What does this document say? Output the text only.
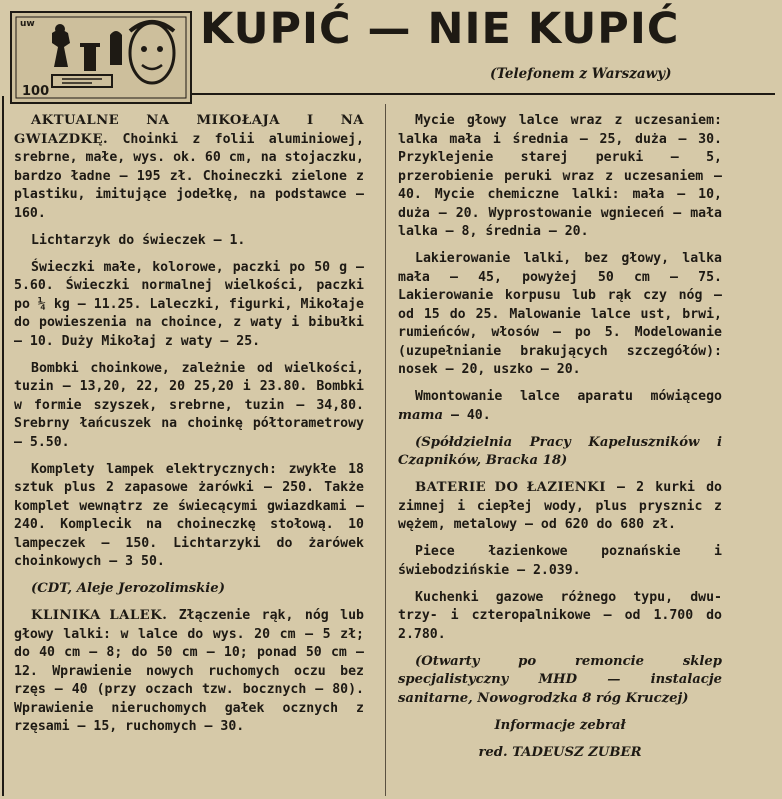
uw
100
KUPIĆ — NIE KUPIĆ
(Telefonem z Warszawy)

AKTUALNE NA MIKOŁAJA I NA GWIAZDKĘ. Choinki z folii aluminiowej, srebrne, małe, wys. ok. 60 cm, na stojaczku, bardzo ładne — 195 zł. Choineczki zielone z plastiku, imitujące jodełkę, na podstawce — 160.

Lichtarzyk do świeczek — 1.

Świeczki małe, kolorowe, paczki po 50 g — 5.60. Świeczki normalnej wielkości, paczki po ¼ kg — 11.25. Laleczki, figurki, Mikołaje do powieszenia na choince, z waty i bibułki — 10. Duży Mikołaj z waty — 25.

Bombki choinkowe, zależnie od wielkości, tuzin — 13,20, 22, 20 25,20 i 23.80. Bombki w formie szyszek, srebrne, tuzin — 34,80. Srebrny łańcuszek na choinkę półtorametrowy — 5.50.

Komplety lampek elektrycznych: zwykłe 18 sztuk plus 2 zapasowe żarówki — 250. Także komplet wewnątrz ze świecącymi gwiazdkami — 240. Komplecik na choineczkę stołową. 10 lampeczek — 150. Lichtarzyki do żarówek choinkowych — 3 50.

(CDT, Aleje Jerozolimskie)

KLINIKA LALEK. Złączenie rąk, nóg lub głowy lalki: w lalce do wys. 20 cm — 5 zł; do 40 cm — 8; do 50 cm — 10; ponad 50 cm — 12. Wprawienie nowych ruchomych oczu bez rzęs — 40 (przy oczach tzw. bocznych — 80). Wprawienie nieruchomych gałek ocznych z rzęsami — 15, ruchomych — 30.

Mycie głowy lalce wraz z uczesaniem: lalka mała i średnia — 25, duża — 30. Przyklejenie starej peruki — 5, przerobienie peruki wraz z uczesaniem — 40. Mycie chemiczne lalki: mała — 10, duża — 20. Wyprostowanie wgnieceń — mała lalka — 8, średnia — 20.

Lakierowanie lalki, bez głowy, lalka mała — 45, powyżej 50 cm — 75. Lakierowanie korpusu lub rąk czy nóg — od 15 do 25. Malowanie lalce ust, brwi, rumieńców, włosów — po 5. Modelowanie (uzupełnianie brakujących szczegółów): nosek — 20, uszko — 20.

Wmontowanie lalce aparatu mówiącego mama — 40.

(Spółdzielnia Pracy Kapeluszników i Czapników, Bracka 18)

BATERIE DO ŁAZIENKI — 2 kurki do zimnej i ciepłej wody, plus prysznic z wężem, metalowy — od 620 do 680 zł.

Piece łazienkowe poznańskie i świebodzińskie — 2.039.

Kuchenki gazowe różnego typu, dwu- trzy- i czteropalnikowe — od 1.700 do 2.780.

(Otwarty po remoncie sklep specjalistyczny MHD — instalacje sanitarne, Nowogrodzka 8 róg Kruczej)

Informacje zebrał

red. TADEUSZ ZUBER
